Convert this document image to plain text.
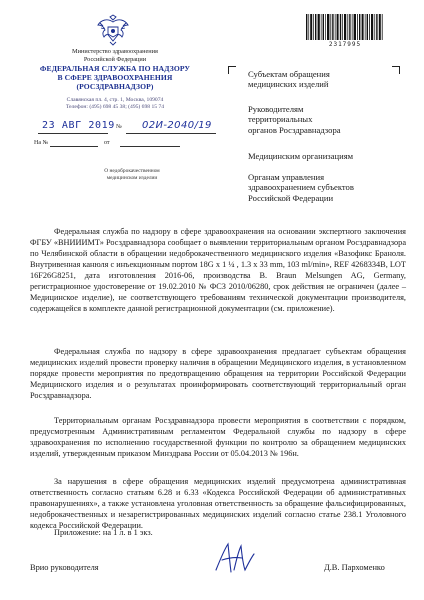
Министерство здравоохранения
Российской Федерации
ФЕДЕРАЛЬНАЯ СЛУЖБА ПО НАДЗОРУ
В СФЕРЕ ЗДРАВООХРАНЕНИЯ
(РОСЗДРАВНАДЗОР)
Славянская пл. 4, стр. 1, Москва, 109074
Телефон: (495) 698 45 38; (495) 698 15 74
23 АВГ 2019 № 02И-2040/19
На №	от
О недоброкачественном
медицинском изделии
2317995
Субъектам обращения
медицинских изделий
Руководителям
территориальных
органов Росздравнадзора
Медицинским организациям
Органам управления
здравоохранением субъектов
Российской Федерации
Федеральная служба по надзору в сфере здравоохранения на основании экспертного заключения ФГБУ «ВНИИИМТ» Росздравнадзора сообщает о выявлении территориальным органом Росздравнадзора по Челябинской области в обращении недоброкачественного медицинского изделия «Вазофикс Браноля. Внутривенная канюля с инъекционным портом 18G х 1 ¼ , 1.3 х 33 mm, 103 ml/min», REF 4268334B, LOT 16F26G8251, дата изготовления 2016-06, производства B. Braun Melsungen AG, Germany, регистрационное удостоверение от 19.02.2010 № ФСЗ 2010/06280, срок действия не ограничен (далее – Медицинское изделие), не соответствующего требованиям технической документации производителя, содержащейся в комплекте данной регистрационной документации (см. приложение).
Федеральная служба по надзору в сфере здравоохранения предлагает субъектам обращения медицинских изделий провести проверку наличия в обращении Медицинского изделия, в установленном порядке провести мероприятия по предотвращению обращения на территории Российской Федерации Медицинского изделия и о результатах проинформировать соответствующий территориальный орган Росздравнадзора.
Территориальным органам Росздравнадзора провести мероприятия в соответствии с порядком, предусмотренным Административным регламентом Федеральной службы по надзору в сфере здравоохранения по исполнению государственной функции по контролю за обращением медицинских изделий, утвержденным приказом Минздрава России от 05.04.2013 № 196н.
За нарушения в сфере обращения медицинских изделий предусмотрена административная ответственность согласно статьям 6.28 и 6.33 «Кодекса Российской Федерации об административных правонарушениях», а также установлена уголовная ответственность за обращение фальсифицированных, недоброкачественных и незарегистрированных медицинских изделий согласно статье 238.1 Уголовного кодекса Российской Федерации.
Приложение: на 1 л. в 1 экз.
Врио руководителя	Д.В. Пархоменко
